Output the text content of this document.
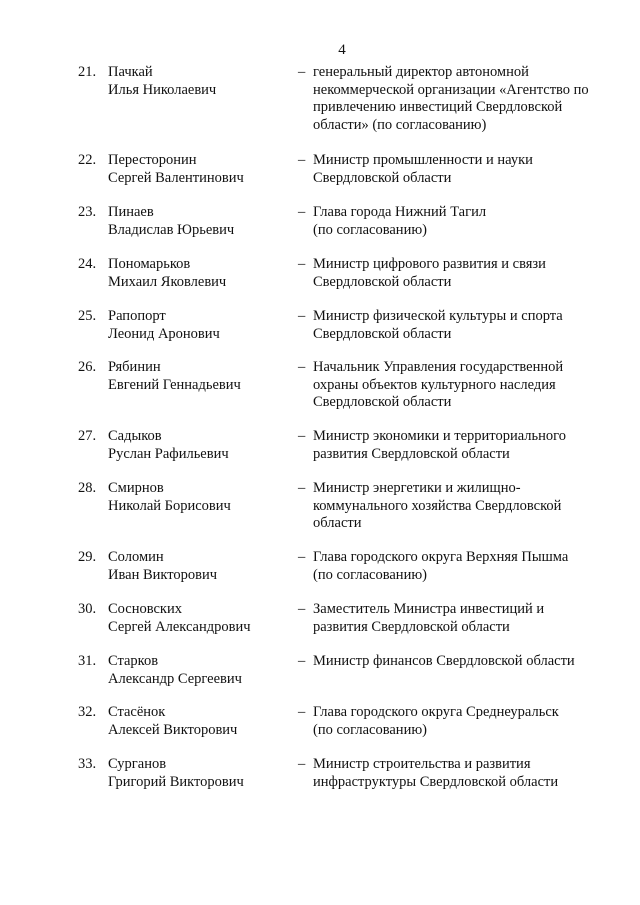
4
21. Пачкай
Илья Николаевич
– генеральный директор автономной
некоммерческой организации «Агентство по
привлечению инвестиций Свердловской
области» (по согласованию)
22. Пересторонин
Сергей Валентинович
– Министр промышленности и науки
Свердловской области
23. Пинаев
Владислав Юрьевич
– Глава города Нижний Тагил
(по согласованию)
24. Пономарьков
Михаил Яковлевич
– Министр цифрового развития и связи
Свердловской области
25. Рапопорт
Леонид Аронович
– Министр физической культуры и спорта
Свердловской области
26. Рябинин
Евгений Геннадьевич
– Начальник Управления государственной
охраны объектов культурного наследия
Свердловской области
27. Садыков
Руслан Рафильевич
– Министр экономики и территориального
развития Свердловской области
28. Смирнов
Николай Борисович
– Министр энергетики и жилищно-
коммунального хозяйства Свердловской
области
29. Соломин
Иван Викторович
– Глава городского округа Верхняя Пышма
(по согласованию)
30. Сосновских
Сергей Александрович
– Заместитель Министра инвестиций и
развития Свердловской области
31. Старков
Александр Сергеевич
– Министр финансов Свердловской области
32. Стасёнок
Алексей Викторович
– Глава городского округа Среднеуральск
(по согласованию)
33. Сурганов
Григорий Викторович
– Министр строительства и развития
инфраструктуры Свердловской области
